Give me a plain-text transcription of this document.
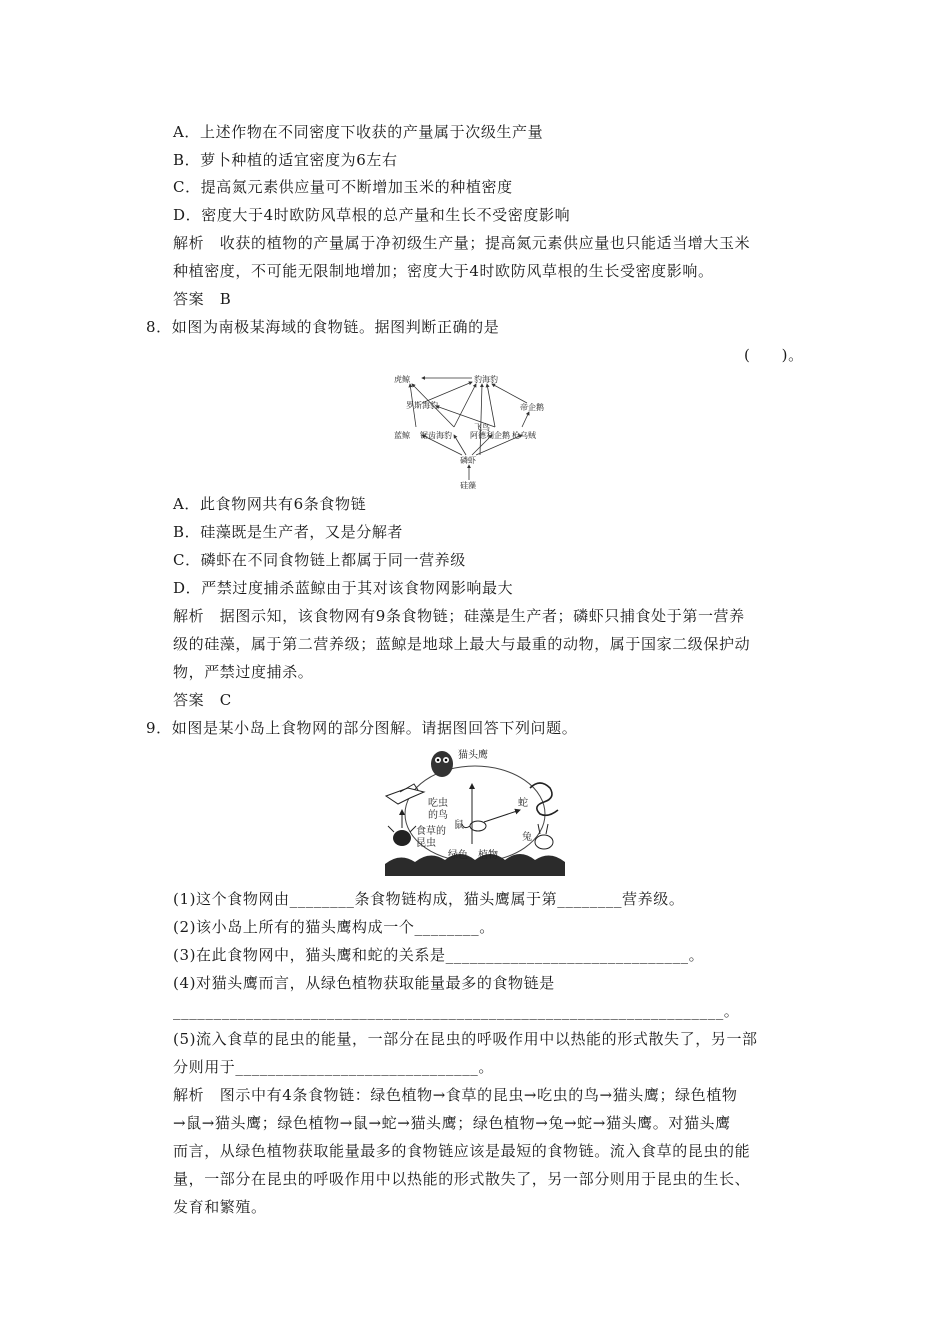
A．上述作物在不同密度下收获的产量属于次级生产量
B．萝卜种植的适宜密度为6左右
C．提高氮元素供应量可不断增加玉米的种植密度
D．密度大于4时欧防风草根的总产量和生长不受密度影响
解析　收获的植物的产量属于净初级生产量；提高氮元素供应量也只能适当增大玉米
种植密度，不可能无限制地增加；密度大于4时欧防风草根的生长受密度影响。
答案　B
8．如图为南极某海域的食物链。据图判断正确的是
(　　)。
虎鲸	豹海豹
罗斯海豹	帝企鹅
飞鸟
蓝鲸 锯齿海豹 阿德利企鹅 枪乌贼
磷虾
硅藻
A．此食物网共有6条食物链
B．硅藻既是生产者，又是分解者
C．磷虾在不同食物链上都属于同一营养级
D．严禁过度捕杀蓝鲸由于其对该食物网影响最大
解析　据图示知，该食物网有9条食物链；硅藻是生产者；磷虾只捕食处于第一营养
级的硅藻，属于第二营养级；蓝鲸是地球上最大与最重的动物，属于国家二级保护动
物，严禁过度捕杀。
答案　C
9．如图是某小岛上食物网的部分图解。请据图回答下列问题。
猫头鹰
吃虫
的鸟
食草的
昆虫
鼠
蛇
兔
绿色　植物
(1)这个食物网由________条食物链构成，猫头鹰属于第________营养级。
(2)该小岛上所有的猫头鹰构成一个________。
(3)在此食物网中，猫头鹰和蛇的关系是______________________________。
(4)对猫头鹰而言，从绿色植物获取能量最多的食物链是
____________________________________________________________________。
(5)流入食草的昆虫的能量，一部分在昆虫的呼吸作用中以热能的形式散失了，另一部
分则用于______________________________。
解析　图示中有4条食物链：绿色植物→食草的昆虫→吃虫的鸟→猫头鹰；绿色植物
→鼠→猫头鹰；绿色植物→鼠→蛇→猫头鹰；绿色植物→兔→蛇→猫头鹰。对猫头鹰
而言，从绿色植物获取能量最多的食物链应该是最短的食物链。流入食草的昆虫的能
量，一部分在昆虫的呼吸作用中以热能的形式散失了，另一部分则用于昆虫的生长、
发育和繁殖。
